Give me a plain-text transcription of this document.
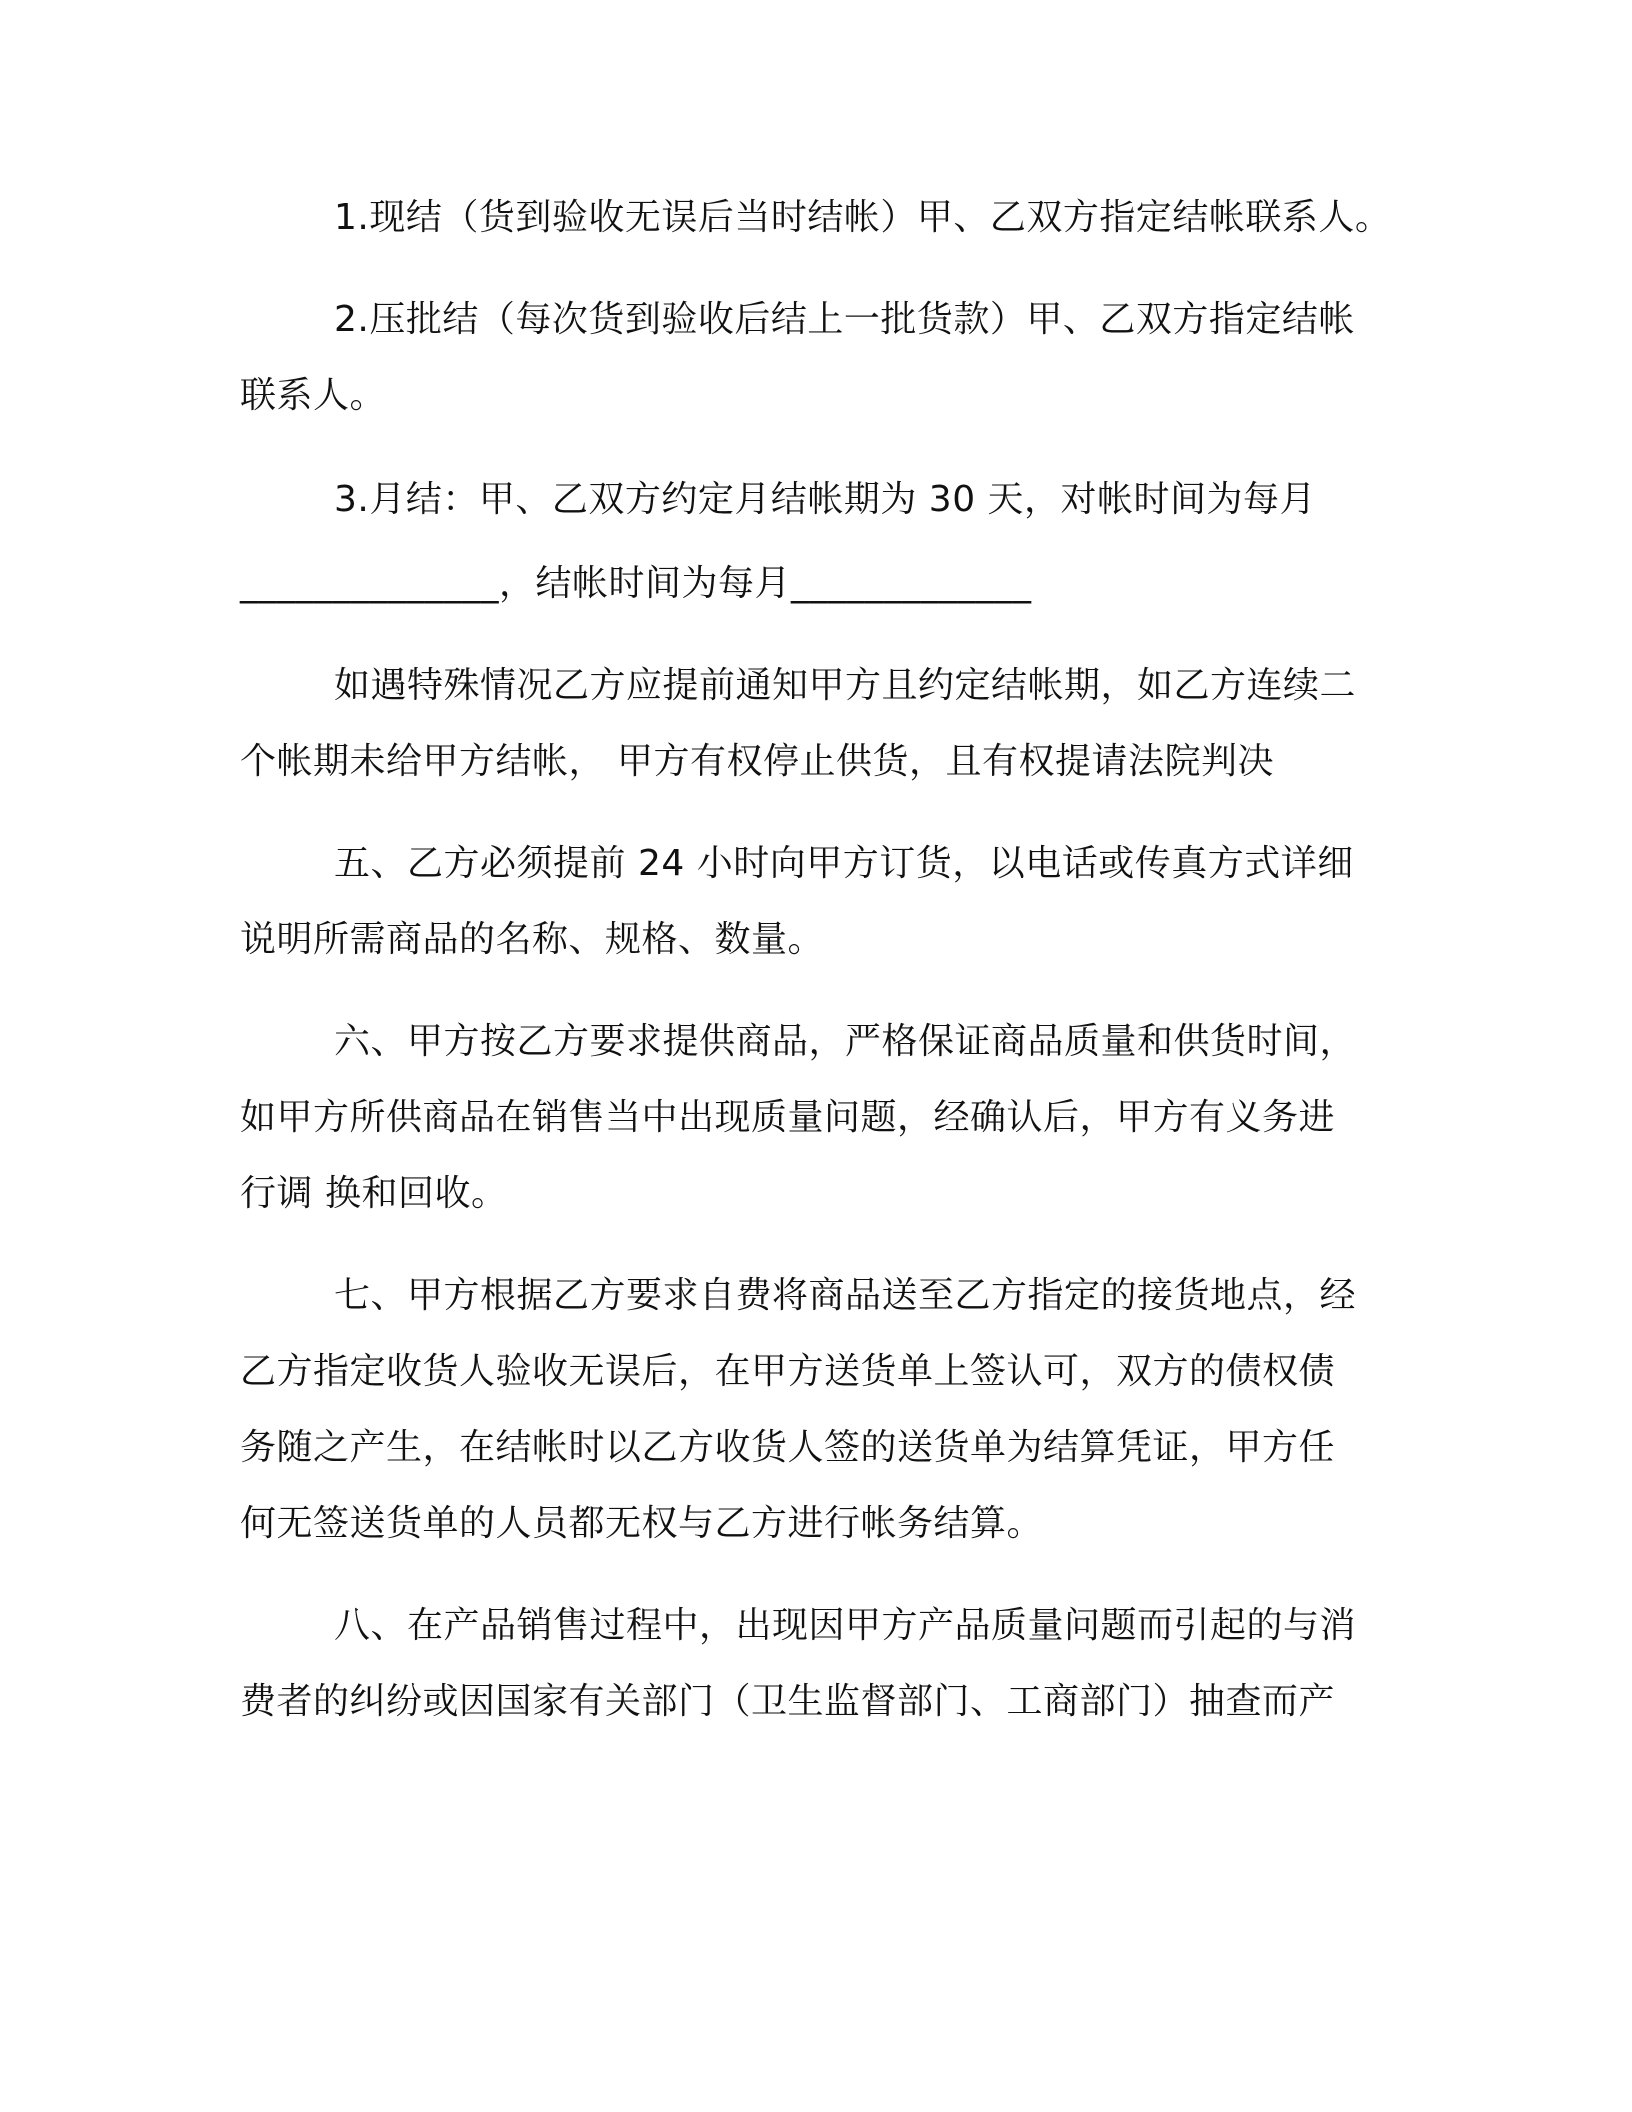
1.现结（货到验收无误后当时结帐）甲、乙双方指定结帐联系人。
2.压批结（每次货到验收后结上一批货款）甲、乙双方指定结帐
联系人。
3.月结：甲、乙双方约定月结帐期为 30 天，对帐时间为每月
______________，结帐时间为每月_____________
如遇特殊情况乙方应提前通知甲方且约定结帐期，如乙方连续二
个帐期未给甲方结帐， 甲方有权停止供货，且有权提请法院判决
五、乙方必须提前 24 小时向甲方订货，以电话或传真方式详细
说明所需商品的名称、规格、数量。
六、甲方按乙方要求提供商品，严格保证商品质量和供货时间，
如甲方所供商品在销售当中出现质量问题，经确认后，甲方有义务进
行调 换和回收。
七、甲方根据乙方要求自费将商品送至乙方指定的接货地点，经
乙方指定收货人验收无误后，在甲方送货单上签认可，双方的债权债
务随之产生，在结帐时以乙方收货人签的送货单为结算凭证，甲方任
何无签送货单的人员都无权与乙方进行帐务结算。
八、在产品销售过程中，出现因甲方产品质量问题而引起的与消
费者的纠纷或因国家有关部门（卫生监督部门、工商部门）抽查而产
